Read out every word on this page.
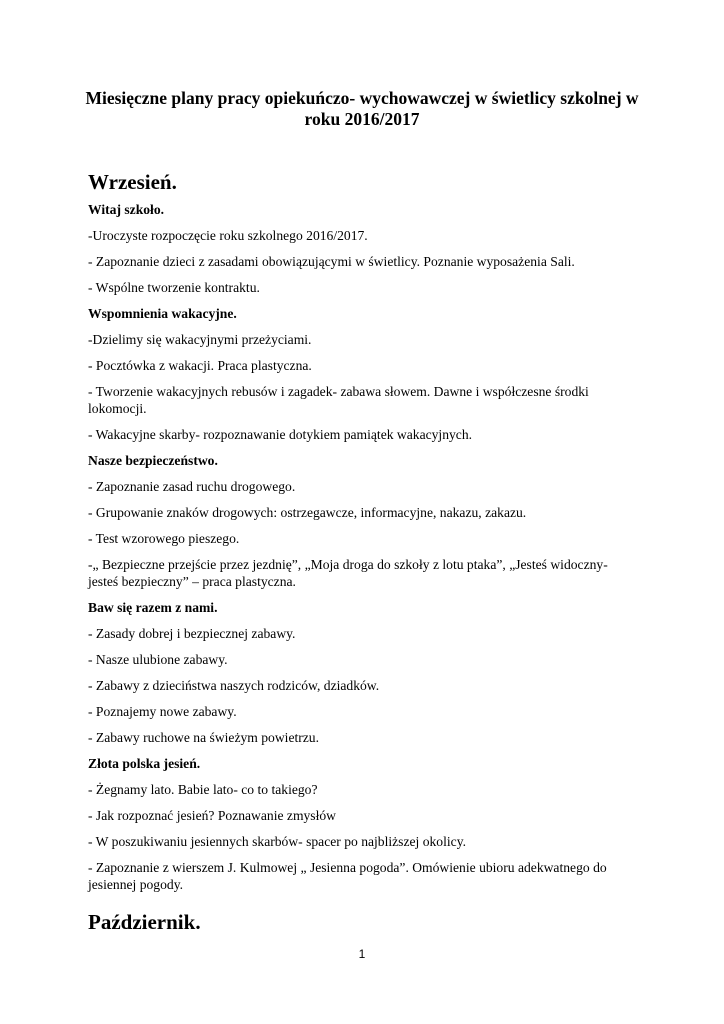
Miesięczne plany pracy opiekuńczo- wychowawczej w świetlicy szkolnej w roku 2016/2017
Wrzesień.
Witaj szkoło.
-Uroczyste rozpoczęcie roku szkolnego 2016/2017.
- Zapoznanie dzieci z zasadami obowiązującymi w świetlicy. Poznanie wyposażenia Sali.
- Wspólne tworzenie kontraktu.
Wspomnienia wakacyjne.
-Dzielimy się wakacyjnymi przeżyciami.
- Pocztówka z wakacji. Praca plastyczna.
- Tworzenie wakacyjnych rebusów i zagadek- zabawa słowem. Dawne i współczesne środki lokomocji.
- Wakacyjne skarby- rozpoznawanie dotykiem pamiątek wakacyjnych.
Nasze bezpieczeństwo.
- Zapoznanie zasad ruchu drogowego.
- Grupowanie znaków drogowych: ostrzegawcze, informacyjne, nakazu, zakazu.
- Test wzorowego pieszego.
-„ Bezpieczne przejście przez jezdnię”, „Moja droga do szkoły z lotu ptaka”, „Jesteś widoczny- jesteś bezpieczny” – praca plastyczna.
Baw się razem z nami.
- Zasady dobrej i bezpiecznej zabawy.
- Nasze ulubione zabawy.
- Zabawy z dzieciństwa naszych rodziców, dziadków.
- Poznajemy nowe zabawy.
- Zabawy ruchowe na świeżym powietrzu.
Złota polska jesień.
- Żegnamy lato. Babie lato- co to takiego?
- Jak rozpoznać jesień? Poznawanie zmysłów
- W poszukiwaniu jesiennych skarbów- spacer po najbliższej okolicy.
- Zapoznanie z wierszem J. Kulmowej „ Jesienna pogoda”. Omówienie ubioru adekwatnego do jesiennej pogody.
Październik.
1
